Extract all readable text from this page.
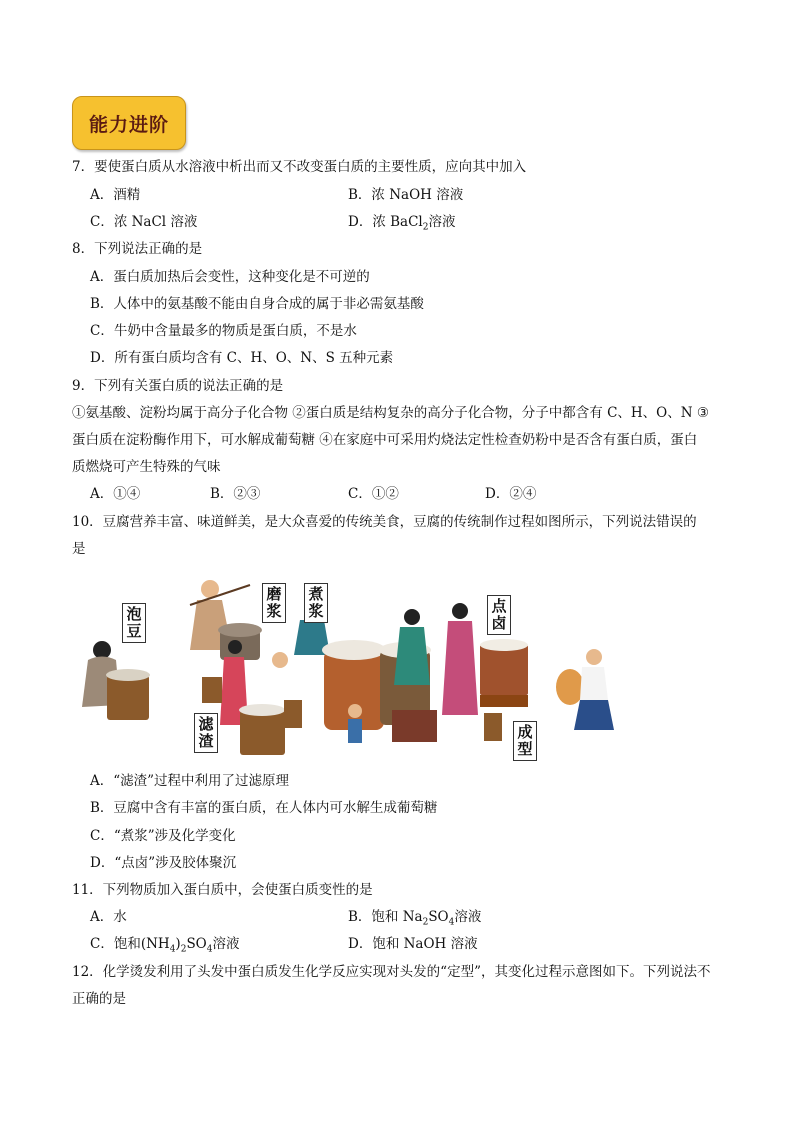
能力进阶
7．要使蛋白质从水溶液中析出而又不改变蛋白质的主要性质，应向其中加入
A．酒精	B．浓 NaOH 溶液
C．浓 NaCl 溶液	D．浓 BaCl$_2$溶液
8．下列说法正确的是
A．蛋白质加热后会变性，这种变化是不可逆的
B．人体中的氨基酸不能由自身合成的属于非必需氨基酸
C．牛奶中含量最多的物质是蛋白质，不是水
D．所有蛋白质均含有 C、H、O、N、S 五种元素
9．下列有关蛋白质的说法正确的是
①氨基酸、淀粉均属于高分子化合物 ②蛋白质是结构复杂的高分子化合物，分子中都含有 C、H、O、N ③
蛋白质在淀粉酶作用下，可水解成葡萄糖 ④在家庭中可采用灼烧法定性检查奶粉中是否含有蛋白质，蛋白
质燃烧可产生特殊的气味
A．①④	B．②③	C．①②	D．②④
10．豆腐营养丰富、味道鲜美，是大众喜爱的传统美食，豆腐的传统制作过程如图所示，下列说法错误的
是
泡豆
磨浆
煮浆	点卤
滤渣	成型
A．“滤渣”过程中利用了过滤原理
B．豆腐中含有丰富的蛋白质，在人体内可水解生成葡萄糖
C．“煮浆”涉及化学变化
D．“点卤”涉及胶体聚沉
11．下列物质加入蛋白质中，会使蛋白质变性的是
A．水	B．饱和 $Na_2SO_4$溶液
C．饱和$(NH_4)_2SO_4$溶液	D．饱和 NaOH 溶液
12．化学烫发利用了头发中蛋白质发生化学反应实现对头发的“定型”，其变化过程示意图如下。下列说法不
正确的是
